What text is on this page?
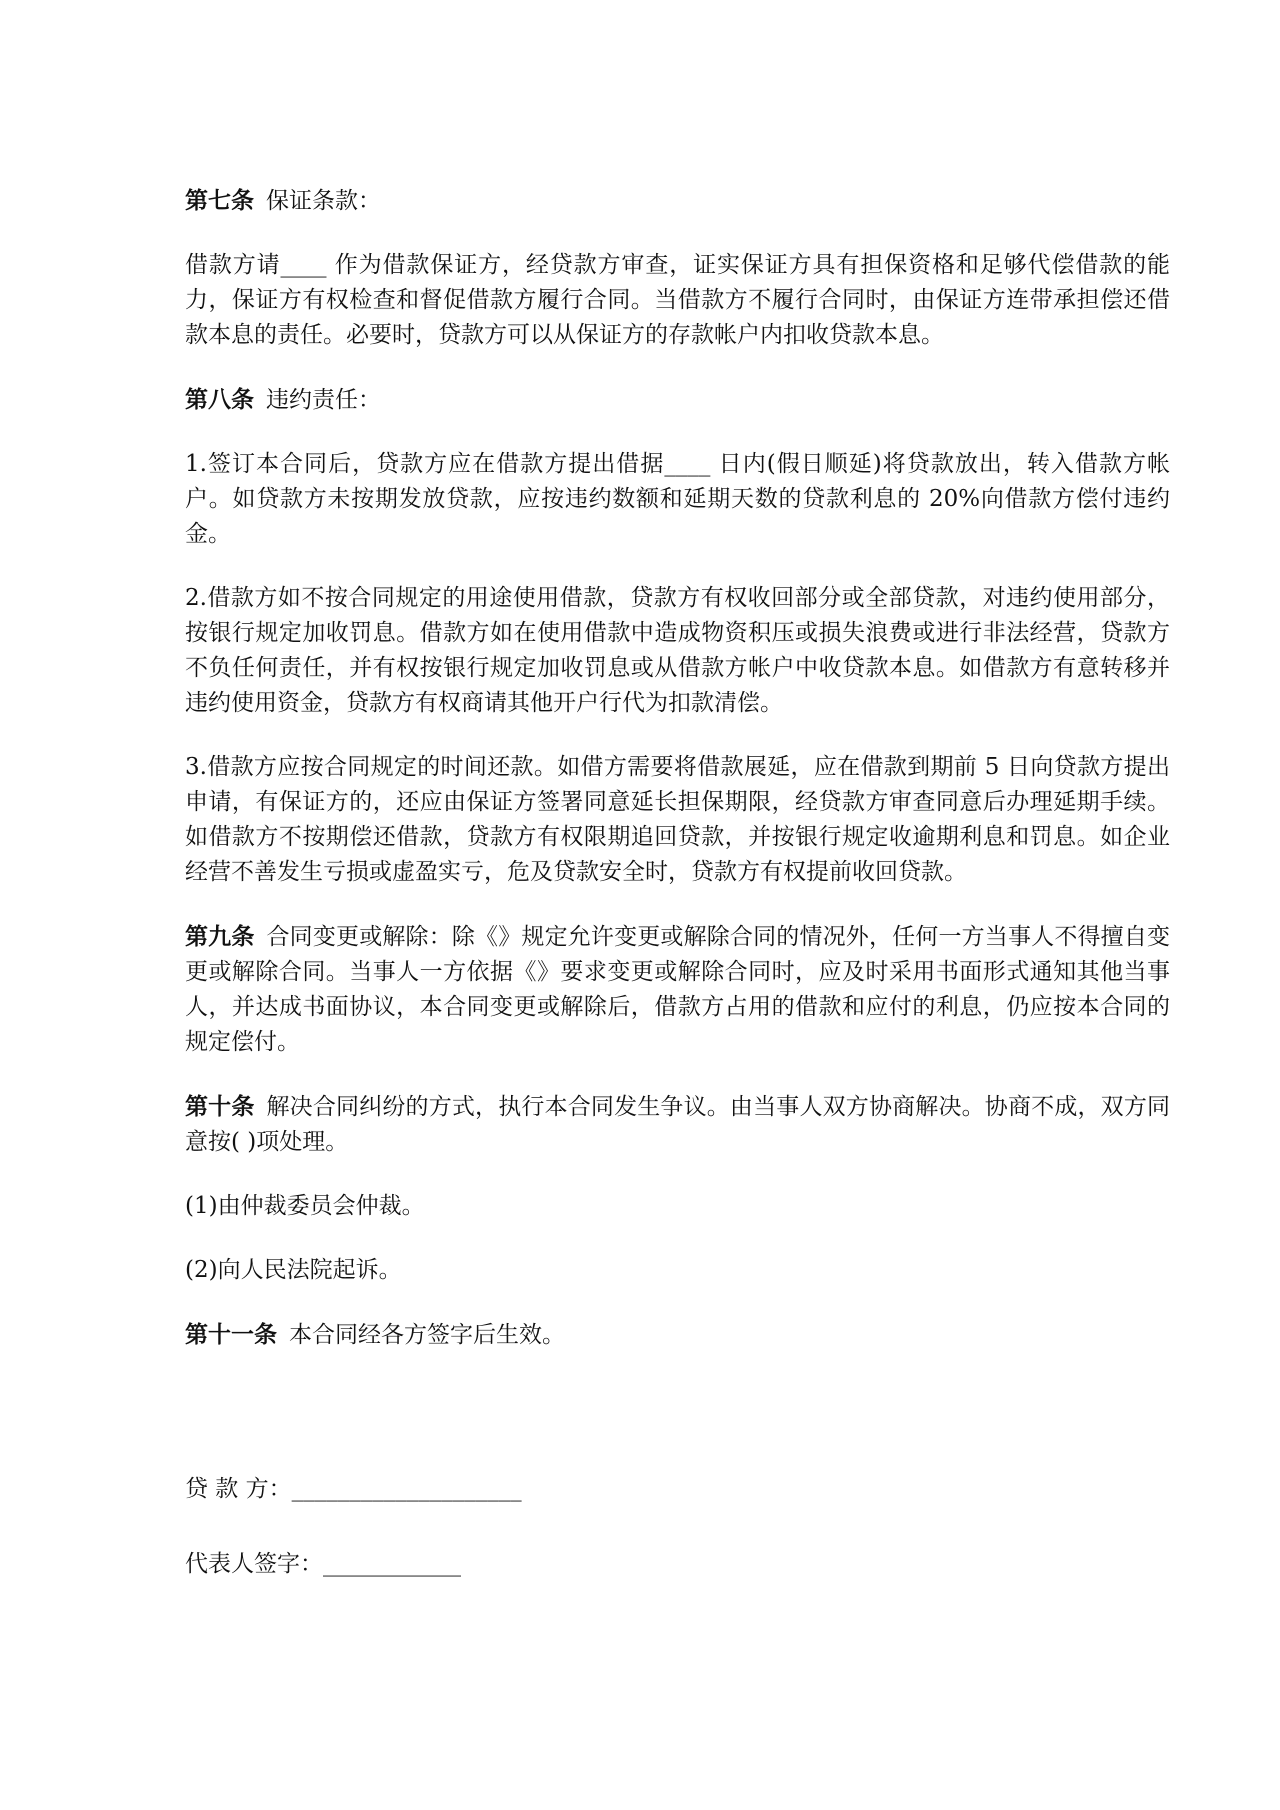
第七条 保证条款：

借款方请____ 作为借款保证方，经贷款方审查，证实保证方具有担保资格和足够代偿借款的能力，保证方有权检查和督促借款方履行合同。当借款方不履行合同时，由保证方连带承担偿还借款本息的责任。必要时，贷款方可以从保证方的存款帐户内扣收贷款本息。

第八条 违约责任：

1.签订本合同后，贷款方应在借款方提出借据____ 日内(假日顺延)将贷款放出，转入借款方帐户。如贷款方未按期发放贷款，应按违约数额和延期天数的贷款利息的 20%向借款方偿付违约金。

2.借款方如不按合同规定的用途使用借款，贷款方有权收回部分或全部贷款，对违约使用部分，按银行规定加收罚息。借款方如在使用借款中造成物资积压或损失浪费或进行非法经营，贷款方不负任何责任，并有权按银行规定加收罚息或从借款方帐户中收贷款本息。如借款方有意转移并违约使用资金，贷款方有权商请其他开户行代为扣款清偿。

3.借款方应按合同规定的时间还款。如借方需要将借款展延，应在借款到期前 5 日向贷款方提出申请，有保证方的，还应由保证方签署同意延长担保期限，经贷款方审查同意后办理延期手续。如借款方不按期偿还借款，贷款方有权限期追回贷款，并按银行规定收逾期利息和罚息。如企业经营不善发生亏损或虚盈实亏，危及贷款安全时，贷款方有权提前收回贷款。

第九条 合同变更或解除：除《》规定允许变更或解除合同的情况外，任何一方当事人不得擅自变更或解除合同。当事人一方依据《》要求变更或解除合同时，应及时采用书面形式通知其他当事人，并达成书面协议，本合同变更或解除后，借款方占用的借款和应付的利息，仍应按本合同的规定偿付。

第十条 解决合同纠纷的方式，执行本合同发生争议。由当事人双方协商解决。协商不成，双方同意按( )项处理。

(1)由仲裁委员会仲裁。

(2)向人民法院起诉。

第十一条 本合同经各方签字后生效。

贷 款 方：____________________

代表人签字：____________
